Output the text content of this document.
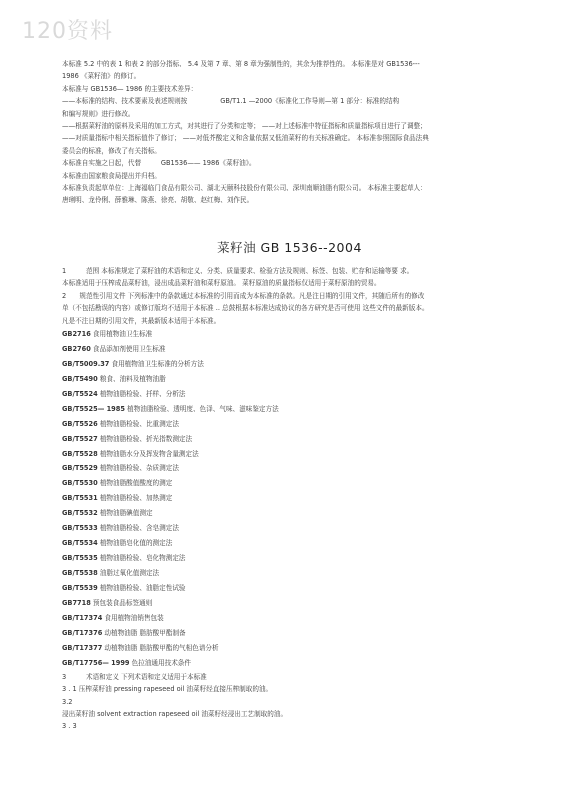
120资料

本标准 5.2 中的表 1 和表 2 的部分指标、 5.4 及第 7 章、第 8 章为强制性的，其余为推荐性的。 本标准是对 GB1536---

1986 《菜籽油》的修订。

本标准与 GB1536— 1986 的主要技术差异：

——本标准的结构、技术要素及表述规则按　　　　　GB/T1.1 —2000《标准化工作导则—第 1 部分：标准的结构

和编写规则》进行修改。

——根据菜籽油的原料及采用的加工方式，对其进行了分类和定等； ——对上述标准中特征指标和质量指标项目进行了调整；

——对质量指标中相关指标值作了修订； ——对低芥酸定义和含量依据又低油菜籽的有关标准确定。 本标准参照国际食品法典

委员会的标准，修改了有关指标。

本标准自实施之日起，代替　　　GB1536—— 1986《菜籽油》。

本标准由国家粮食局提出并归档。

本标准负责起草单位：上海福临门食品有限公司、湖北天颐科技股份有限公司、深圳南顺油脂有限公司。 本标准主要起草人：

唐琍明、龙伶俐、薛雅琳、陈燕、徐亮、胡敬、赵红梅、刘作民。

菜籽油 GB 1536--2004

1　　　范围 本标准规定了菜籽油的术语和定义、分类、质量要求、检验方法及规则、标签、包装、贮存和运输等要 求。

本标准适用于压榨成品菜籽油，浸出成品菜籽油和菜籽原油。 菜籽原油的质量指标仅适用于菜籽原油的贸易。

2　　规范性引用文件 下列标准中的条款通过本标准的引用而成为本标准的条款。凡是注日期的引用文件，其随后所有的修改

单（不包括勘误的内容）或修订版均不适用于本标准 .. 总鼓根据本标准达成协议的各方研究是否可使用 这些文件的最新版本。

凡是不注日期的引用文件，其最新版本适用于本标准。

GB2716 食用植物油卫生标准

GB2760 食品添加剂使用卫生标准

GB/T5009.37 食用植物油卫生标准的分析方法

GB/T5490 粮食、油料及植物油脂

GB/T5524 植物油脂检验、扦样、分析法

GB/T5525— 1985 植物油脂检验、透明度、色泽、气味、滋味鉴定方法

GB/T5526 植物油脂检验、比重测定法

GB/T5527 植物油脂检验、折光指数测定法

GB/T5528 植物油脂水分及挥发物含量测定法

GB/T5529 植物油脂检验、杂质测定法

GB/T5530 植物油脂酸值酸度的测定

GB/T5531 植物油脂检验、加热测定

GB/T5532 植物油脂碘值测定

GB/T5533 植物油脂检验、含皂测定法

GB/T5534 植物油脂皂化值的测定法

GB/T5535 植物油脂检验、皂化物测定法

GB/T5538 油脂过氧化值测定法

GB/T5539 植物油脂检验、油脂定性试验

GB7718 预包装食品标签通则

GB/T17374 食用植物油销售包装

GB/T17376 动植物油脂 脂肪酸甲酯制备

GB/T17377 动植物油脂 脂肪酸甲酯的气相色谱分析

GB/T17756— 1999 色拉油通用技术条件

3　　　术语和定义 下列术语和定义适用于本标准

3 . 1 压榨菜籽油 pressing rapeseed oil 油菜籽经直接压榨制取的油。

3.2

浸出菜籽油 solvent extraction rapeseed oil 油菜籽经浸出工艺制取的油。

3 . 3
